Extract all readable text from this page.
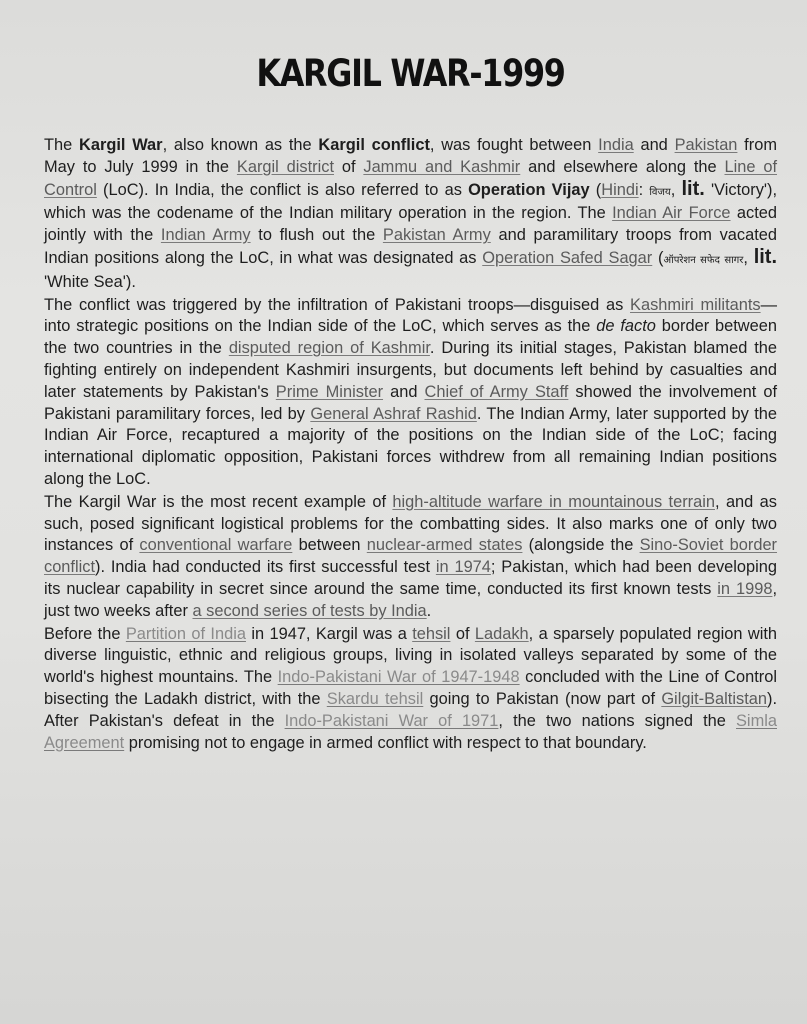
KARGIL WAR-1999

The Kargil War, also known as the Kargil conflict, was fought between India and Pakistan from May to July 1999 in the Kargil district of Jammu and Kashmir and elsewhere along the Line of Control (LoC). In India, the conflict is also referred to as Operation Vijay (Hindi: विजय, lit. 'Victory'), which was the codename of the Indian military operation in the region. The Indian Air Force acted jointly with the Indian Army to flush out the Pakistan Army and paramilitary troops from vacated Indian positions along the LoC, in what was designated as Operation Safed Sagar (ऑपरेशन सफेद सागर, lit. 'White Sea').

The conflict was triggered by the infiltration of Pakistani troops—disguised as Kashmiri militants—into strategic positions on the Indian side of the LoC, which serves as the de facto border between the two countries in the disputed region of Kashmir. During its initial stages, Pakistan blamed the fighting entirely on independent Kashmiri insurgents, but documents left behind by casualties and later statements by Pakistan's Prime Minister and Chief of Army Staff showed the involvement of Pakistani paramilitary forces, led by General Ashraf Rashid. The Indian Army, later supported by the Indian Air Force, recaptured a majority of the positions on the Indian side of the LoC; facing international diplomatic opposition, Pakistani forces withdrew from all remaining Indian positions along the LoC.

The Kargil War is the most recent example of high-altitude warfare in mountainous terrain, and as such, posed significant logistical problems for the combatting sides. It also marks one of only two instances of conventional warfare between nuclear-armed states (alongside the Sino-Soviet border conflict). India had conducted its first successful test in 1974; Pakistan, which had been developing its nuclear capability in secret since around the same time, conducted its first known tests in 1998, just two weeks after a second series of tests by India.

Before the Partition of India in 1947, Kargil was a tehsil of Ladakh, a sparsely populated region with diverse linguistic, ethnic and religious groups, living in isolated valleys separated by some of the world's highest mountains. The Indo-Pakistani War of 1947-1948 concluded with the Line of Control bisecting the Ladakh district, with the Skardu tehsil going to Pakistan (now part of Gilgit-Baltistan). After Pakistan's defeat in the Indo-Pakistani War of 1971, the two nations signed the Simla Agreement promising not to engage in armed conflict with respect to that boundary.
